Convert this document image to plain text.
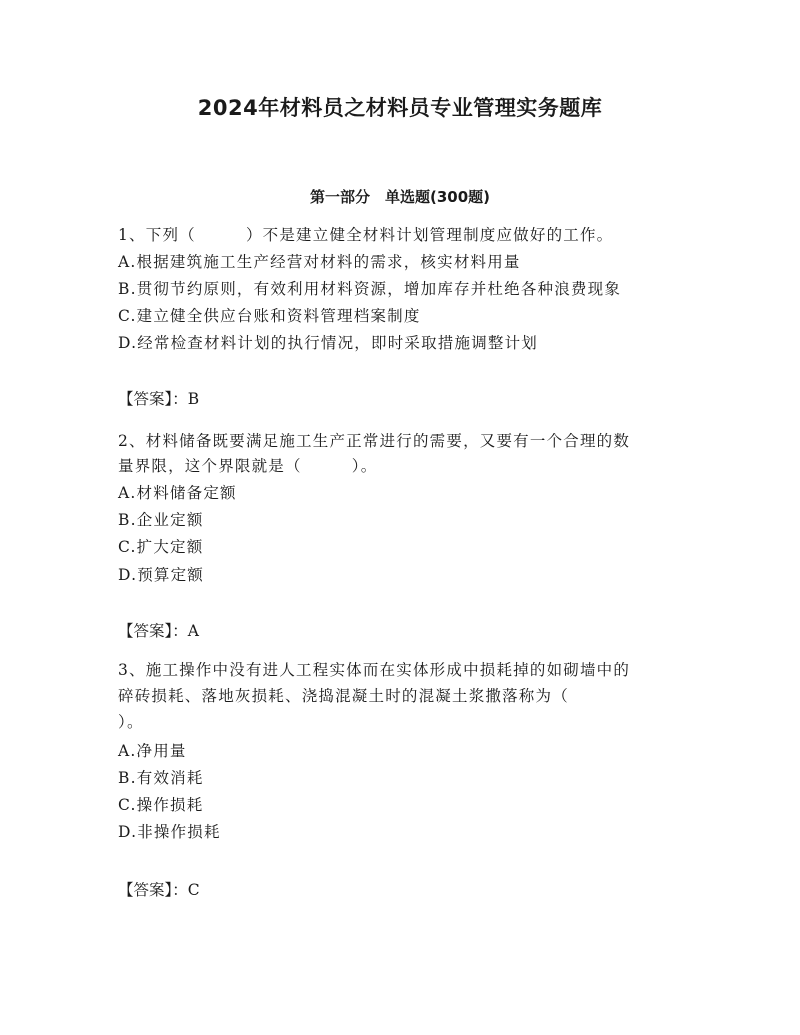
2024年材料员之材料员专业管理实务题库
第一部分　单选题(300题)
1、下列（　　　）不是建立健全材料计划管理制度应做好的工作。
A.根据建筑施工生产经营对材料的需求，核实材料用量
B.贯彻节约原则，有效利用材料资源，增加库存并杜绝各种浪费现象
C.建立健全供应台账和资料管理档案制度
D.经常检查材料计划的执行情况，即时采取措施调整计划
【答案】：B
2、材料储备既要满足施工生产正常进行的需要，又要有一个合理的数
量界限，这个界限就是（　　　）。
A.材料储备定额
B.企业定额
C.扩大定额
D.预算定额
【答案】：A
3、施工操作中没有进人工程实体而在实体形成中损耗掉的如砌墙中的
碎砖损耗、落地灰损耗、浇捣混凝土时的混凝土浆撒落称为（
）。
A.净用量
B.有效消耗
C.操作损耗
D.非操作损耗
【答案】：C
